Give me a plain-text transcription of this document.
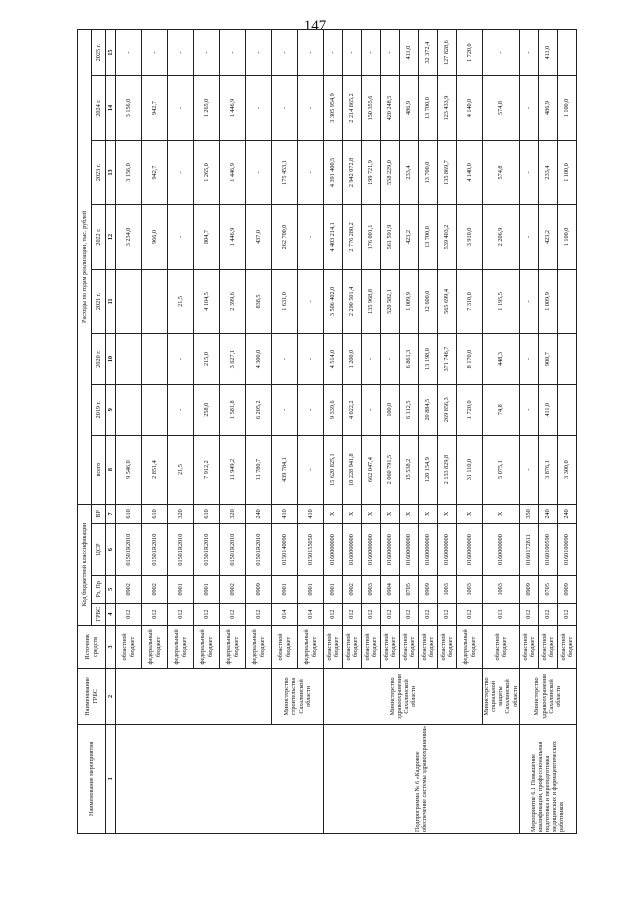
147
Наименование мероприятия	Наименование ГРБС	Источник средств	Код бюджетной классификации				Расходы по годам реализации, тыс. рублей							
			ГРБС	Рз, Пр	ЦСР	ВР	всего	2019 г.	2020 г.	2021 г.	2022 г.	2023 г.	2024 г.	2025 г.
1	2	3	4	5	6	7	8	9	10	11	12	13	14	15
		областной бюджет	012	0902	01501R2010	610	9 546,0				3 234,0	3 156,0	3 156,0	-
		федеральный бюджет	012	0902	01501R2010	610	2 851,4				966,0	942,7	942,7	-
		федеральный бюджет	012	0901	01501R2010	320	21,5	-	-	21,5	-	-	-	-
		федеральный бюджет	012	0901	01501R2010	610	7 912,2	258,0	215,0	4 104,5	804,7	1 265,0	1 265,0	-
		федеральный бюджет	012	0902	01501R2010	320	11 949,2	1 581,8	3 627,1	2 399,6	1 446,9	1 446,9	1 446,9	-
		федеральный бюджет	012	0909	01501R2010	240	11 780,7	6 205,2	4 300,0	838,5	437,0	-	-	-
	Министерство строительства Сахалинской области	областной бюджет	014	0901	0150140090	410	439 784,1	-	-	1 631,0	262 700,0	175 453,1	-	-
		федеральный бюджет	014	0901	0150155050	410	-	-	-	-	-	-	-	-
Подпрограмма № 6 «Кадровое обеспечение системы здравоохранения»	Министерство здравоохранения Сахалинской области	областной бюджет	012	0901	0160000000	Х	15 620 825,1	9 339,6	4 514,0	3 506 402,0	4 403 214,1	4 391 400,5	3 305 954,9	-
		областной бюджет	012	0902	0160000000	Х	10 228 941,8	4 022,2	1 200,0	2 290 501,4	2 776 280,2	2 942 072,8	2 214 865,2	-
		областной бюджет	012	0903	0160000000	Х	662 047,4	-	-	135 968,8	176 001,1	199 721,9	150 355,6	-
		областной бюджет	012	0904	0160000000	Х	2 060 791,5	100,0	-	520 582,1	561 591,9	558 229,0	420 248,5	-
		областной бюджет	012	0705	0160000000	Х	15 538,2	6 112,5	6 861,3	1 009,9	423,2	233,4	486,9	411,0
		областной бюджет	012	0909	0160000000	Х	120 154,9	20 884,5	13 198,0	12 600,0	13 700,0	13 700,0	13 700,0	32 372,4
		областной бюджет	012	1003	0160000000	Х	2 133 829,8	269 856,3	371 746,7	565 699,4	539 403,2	135 869,7	123 433,9	127 828,6
		федеральный бюджет	012	1003	0160000000	Х	31 110,0	1 720,0	8 170,0	7 310,0	3 910,0	4 140,0	4 140,0	1 720,0
	Министерство социальной защиты Сахалинской области	областной бюджет	013	1003	0160000000	Х	5 075,1	74,8	448,3	1 195,5	2 206,9	574,8	574,8	-
Мероприятие 6.1 Повышение квалификации, профессиональная подготовка и переподготовка медицинских и фармацевтических работников	Министерство здравоохранения Сахалинской области	областной бюджет	012	0909	0160172811	350	-	-	-	-	-	-	-	-
		областной бюджет	012	0705	0160100590	240	3 876,1	411,0	900,7	1 009,9	423,2	233,4	486,9	411,0
		областной бюджет	012	0909	0160100090	240	3 300,0				1 100,0	1 100,0	1 100,0	
